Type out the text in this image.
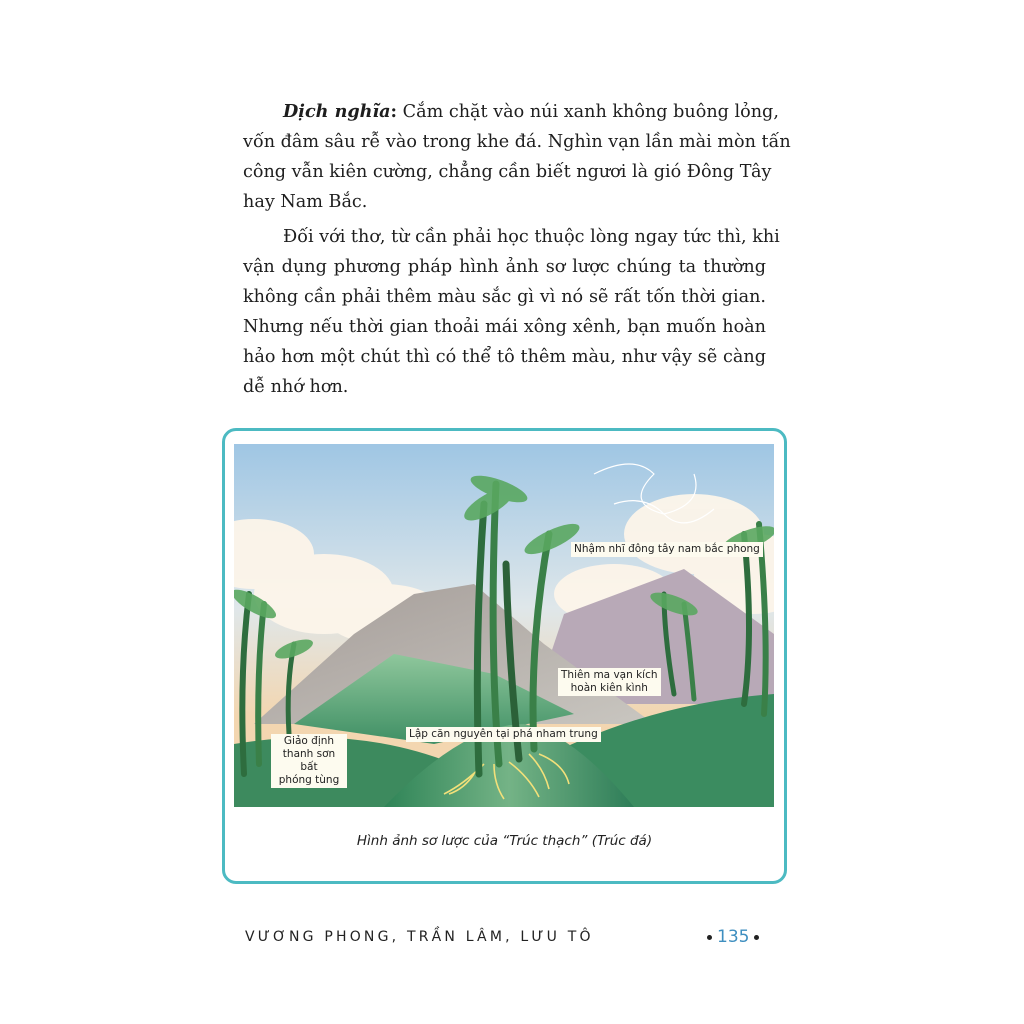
Dịch nghĩa: Cắm chặt vào núi xanh không buông lỏng,
vốn đâm sâu rễ vào trong khe đá. Nghìn vạn lần mài mòn tấn
công vẫn kiên cường, chẳng cần biết ngươi là gió Đông Tây
hay Nam Bắc.
Đối với thơ, từ cần phải học thuộc lòng ngay tức thì, khi
vận dụng phương pháp hình ảnh sơ lược chúng ta thường
không cần phải thêm màu sắc gì vì nó sẽ rất tốn thời gian.
Nhưng nếu thời gian thoải mái xông xênh, bạn muốn hoàn
hảo hơn một chút thì có thể tô thêm màu, như vậy sẽ càng
dễ nhớ hơn.
Nhậm nhĩ đông tây nam bắc phong
Thiên ma vạn kích
hoàn kiên kình
Lập căn nguyên tại phá nham trung
Giảo định
thanh sơn bất
phóng tùng
Hình ảnh sơ lược của “Trúc thạch” (Trúc đá)
VƯƠNG PHONG, TRẦN LÂM, LƯU TÔ	135
